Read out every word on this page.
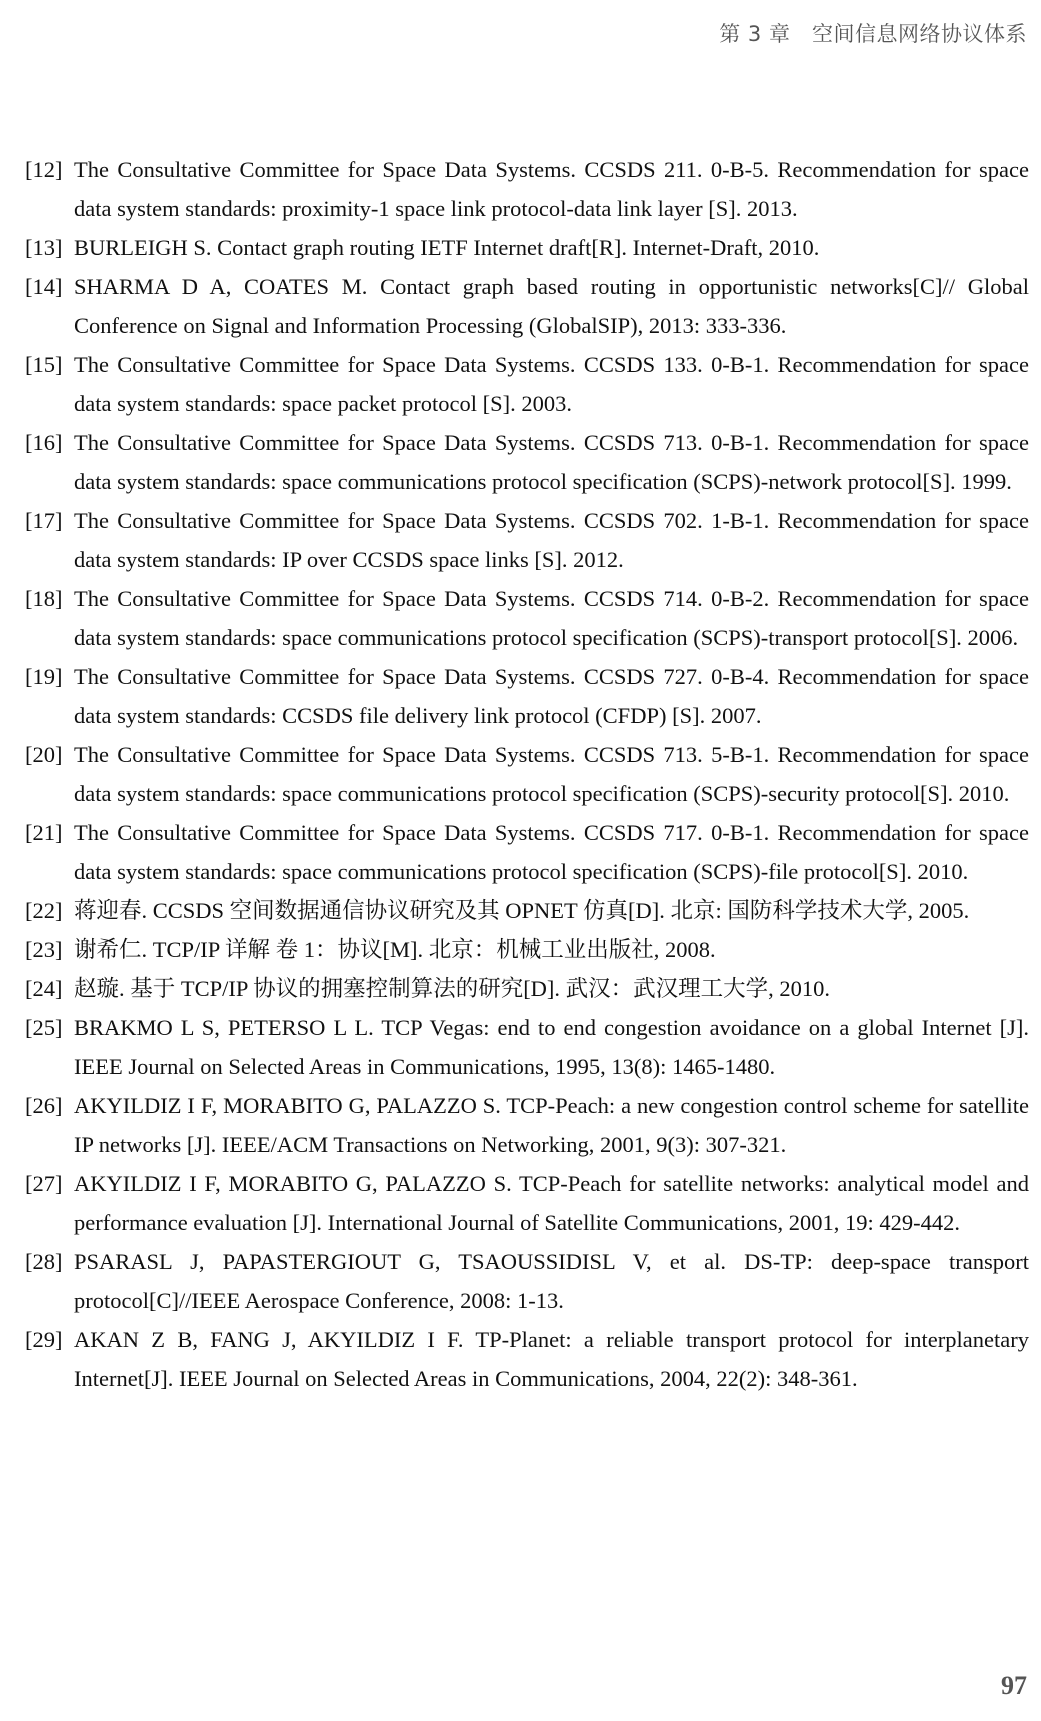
第 3 章 空间信息网络协议体系

[12] The Consultative Committee for Space Data Systems. CCSDS 211. 0-B-5. Recommendation for space data system standards: proximity-1 space link protocol-data link layer [S]. 2013.

[13] BURLEIGH S. Contact graph routing IETF Internet draft[R]. Internet-Draft, 2010.

[14] SHARMA D A, COATES M. Contact graph based routing in opportunistic networks[C]// Global Conference on Signal and Information Processing (GlobalSIP), 2013: 333-336.

[15] The Consultative Committee for Space Data Systems. CCSDS 133. 0-B-1. Recommendation for space data system standards: space packet protocol [S]. 2003.

[16] The Consultative Committee for Space Data Systems. CCSDS 713. 0-B-1. Recommendation for space data system standards: space communications protocol specification (SCPS)-network protocol[S]. 1999.

[17] The Consultative Committee for Space Data Systems. CCSDS 702. 1-B-1. Recommendation for space data system standards: IP over CCSDS space links [S]. 2012.

[18] The Consultative Committee for Space Data Systems. CCSDS 714. 0-B-2. Recommendation for space data system standards: space communications protocol specification (SCPS)-transport protocol[S]. 2006.

[19] The Consultative Committee for Space Data Systems. CCSDS 727. 0-B-4. Recommendation for space data system standards: CCSDS file delivery link protocol (CFDP) [S]. 2007.

[20] The Consultative Committee for Space Data Systems. CCSDS 713. 5-B-1. Recommendation for space data system standards: space communications protocol specification (SCPS)-security protocol[S]. 2010.

[21] The Consultative Committee for Space Data Systems. CCSDS 717. 0-B-1. Recommendation for space data system standards: space communications protocol specification (SCPS)-file protocol[S]. 2010.

[22] 蒋迎春. CCSDS 空间数据通信协议研究及其 OPNET 仿真[D]. 北京: 国防科学技术大学, 2005.

[23] 谢希仁. TCP/IP 详解 卷 1：协议[M]. 北京：机械工业出版社, 2008.

[24] 赵璇. 基于 TCP/IP 协议的拥塞控制算法的研究[D]. 武汉：武汉理工大学, 2010.

[25] BRAKMO L S, PETERSO L L. TCP Vegas: end to end congestion avoidance on a global Internet [J]. IEEE Journal on Selected Areas in Communications, 1995, 13(8): 1465-1480.

[26] AKYILDIZ I F, MORABITO G, PALAZZO S. TCP-Peach: a new congestion control scheme for satellite IP networks [J]. IEEE/ACM Transactions on Networking, 2001, 9(3): 307-321.

[27] AKYILDIZ I F, MORABITO G, PALAZZO S. TCP-Peach for satellite networks: analytical model and performance evaluation [J]. International Journal of Satellite Communications, 2001, 19: 429-442.

[28] PSARASL J, PAPASTERGIOUT G, TSAOUSSIDISL V, et al. DS-TP: deep-space transport protocol[C]//IEEE Aerospace Conference, 2008: 1-13.

[29] AKAN Z B, FANG J, AKYILDIZ I F. TP-Planet: a reliable transport protocol for interplanetary Internet[J]. IEEE Journal on Selected Areas in Communications, 2004, 22(2): 348-361.

97
